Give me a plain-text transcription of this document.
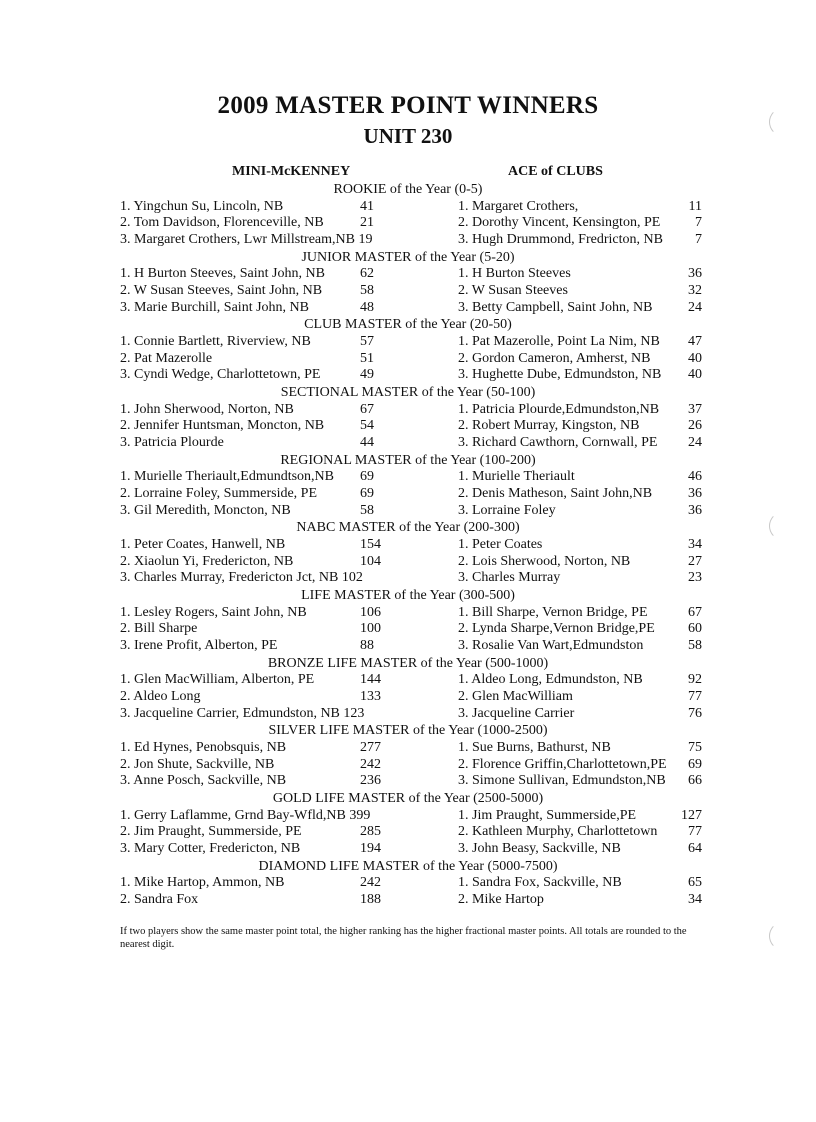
2009 MASTER POINT WINNERS
UNIT 230
MINI-McKENNEY	ACE of CLUBS
ROOKIE of the Year (0-5)
1. Yingchun Su, Lincoln, NB	41	1. Margaret Crothers,	11
2. Tom Davidson, Florenceville, NB	21	2. Dorothy Vincent, Kensington, PE	7
3. Margaret Crothers, Lwr Millstream,NB 19	3. Hugh Drummond, Fredricton, NB	7
JUNIOR MASTER of the Year (5-20)
1. H Burton Steeves, Saint John, NB	62	1. H Burton Steeves	36
2. W Susan Steeves, Saint John, NB	58	2. W Susan Steeves	32
3. Marie Burchill, Saint John, NB	48	3. Betty Campbell, Saint John, NB	24
CLUB MASTER of the Year (20-50)
1. Connie Bartlett, Riverview, NB	57	1. Pat Mazerolle, Point La Nim, NB	47
2. Pat Mazerolle	51	2. Gordon Cameron, Amherst, NB	40
3. Cyndi Wedge, Charlottetown, PE	49	3. Hughette Dube, Edmundston, NB	40
SECTIONAL MASTER of the Year (50-100)
1. John Sherwood, Norton, NB	67	1. Patricia Plourde,Edmundston,NB	37
2. Jennifer Huntsman, Moncton, NB	54	2. Robert Murray, Kingston, NB	26
3. Patricia Plourde	44	3. Richard Cawthorn, Cornwall, PE	24
REGIONAL MASTER of the Year (100-200)
1. Murielle Theriault,Edmundtson,NB 69	1. Murielle Theriault	46
2. Lorraine Foley, Summerside, PE	69	2. Denis Matheson, Saint John,NB	36
3. Gil Meredith, Moncton, NB	58	3. Lorraine Foley	36
NABC MASTER of the Year (200-300)
1. Peter Coates, Hanwell, NB	154	1. Peter Coates	34
2. Xiaolun Yi, Fredericton, NB	104	2. Lois Sherwood, Norton, NB	27
3. Charles Murray, Fredericton Jct, NB 102	3. Charles Murray	23
LIFE MASTER of the Year (300-500)
1. Lesley Rogers, Saint John, NB	106	1. Bill Sharpe, Vernon Bridge, PE	67
2. Bill Sharpe	100	2. Lynda Sharpe,Vernon Bridge,PE	60
3. Irene Profit, Alberton, PE	88	3. Rosalie Van Wart,Edmundston	58
BRONZE LIFE MASTER of the Year (500-1000)
1. Glen MacWilliam, Alberton, PE	144	1. Aldeo Long, Edmundston, NB	92
2. Aldeo Long	133	2. Glen MacWilliam	77
3. Jacqueline Carrier, Edmundston, NB 123	3. Jacqueline Carrier	76
SILVER LIFE MASTER of the Year (1000-2500)
1. Ed Hynes, Penobsquis, NB	277	1. Sue Burns, Bathurst, NB	75
2. Jon Shute, Sackville, NB	242	2. Florence Griffin,Charlottetown,PE	69
3. Anne Posch, Sackville, NB	236	3. Simone Sullivan, Edmundston,NB	66
GOLD LIFE MASTER of the Year (2500-5000)
1. Gerry Laflamme, Grnd Bay-Wfld,NB 399	1. Jim Praught, Summerside,PE	127
2. Jim Praught, Summerside, PE	285	2. Kathleen Murphy, Charlottetown	77
3. Mary Cotter, Fredericton, NB	194	3. John Beasy, Sackville, NB	64
DIAMOND LIFE MASTER of the Year (5000-7500)
1. Mike Hartop, Ammon, NB	242	1. Sandra Fox, Sackville, NB	65
2. Sandra Fox	188	2. Mike Hartop	34
If two players show the same master point total, the higher ranking has the higher fractional master points. All totals are rounded to the nearest digit.
